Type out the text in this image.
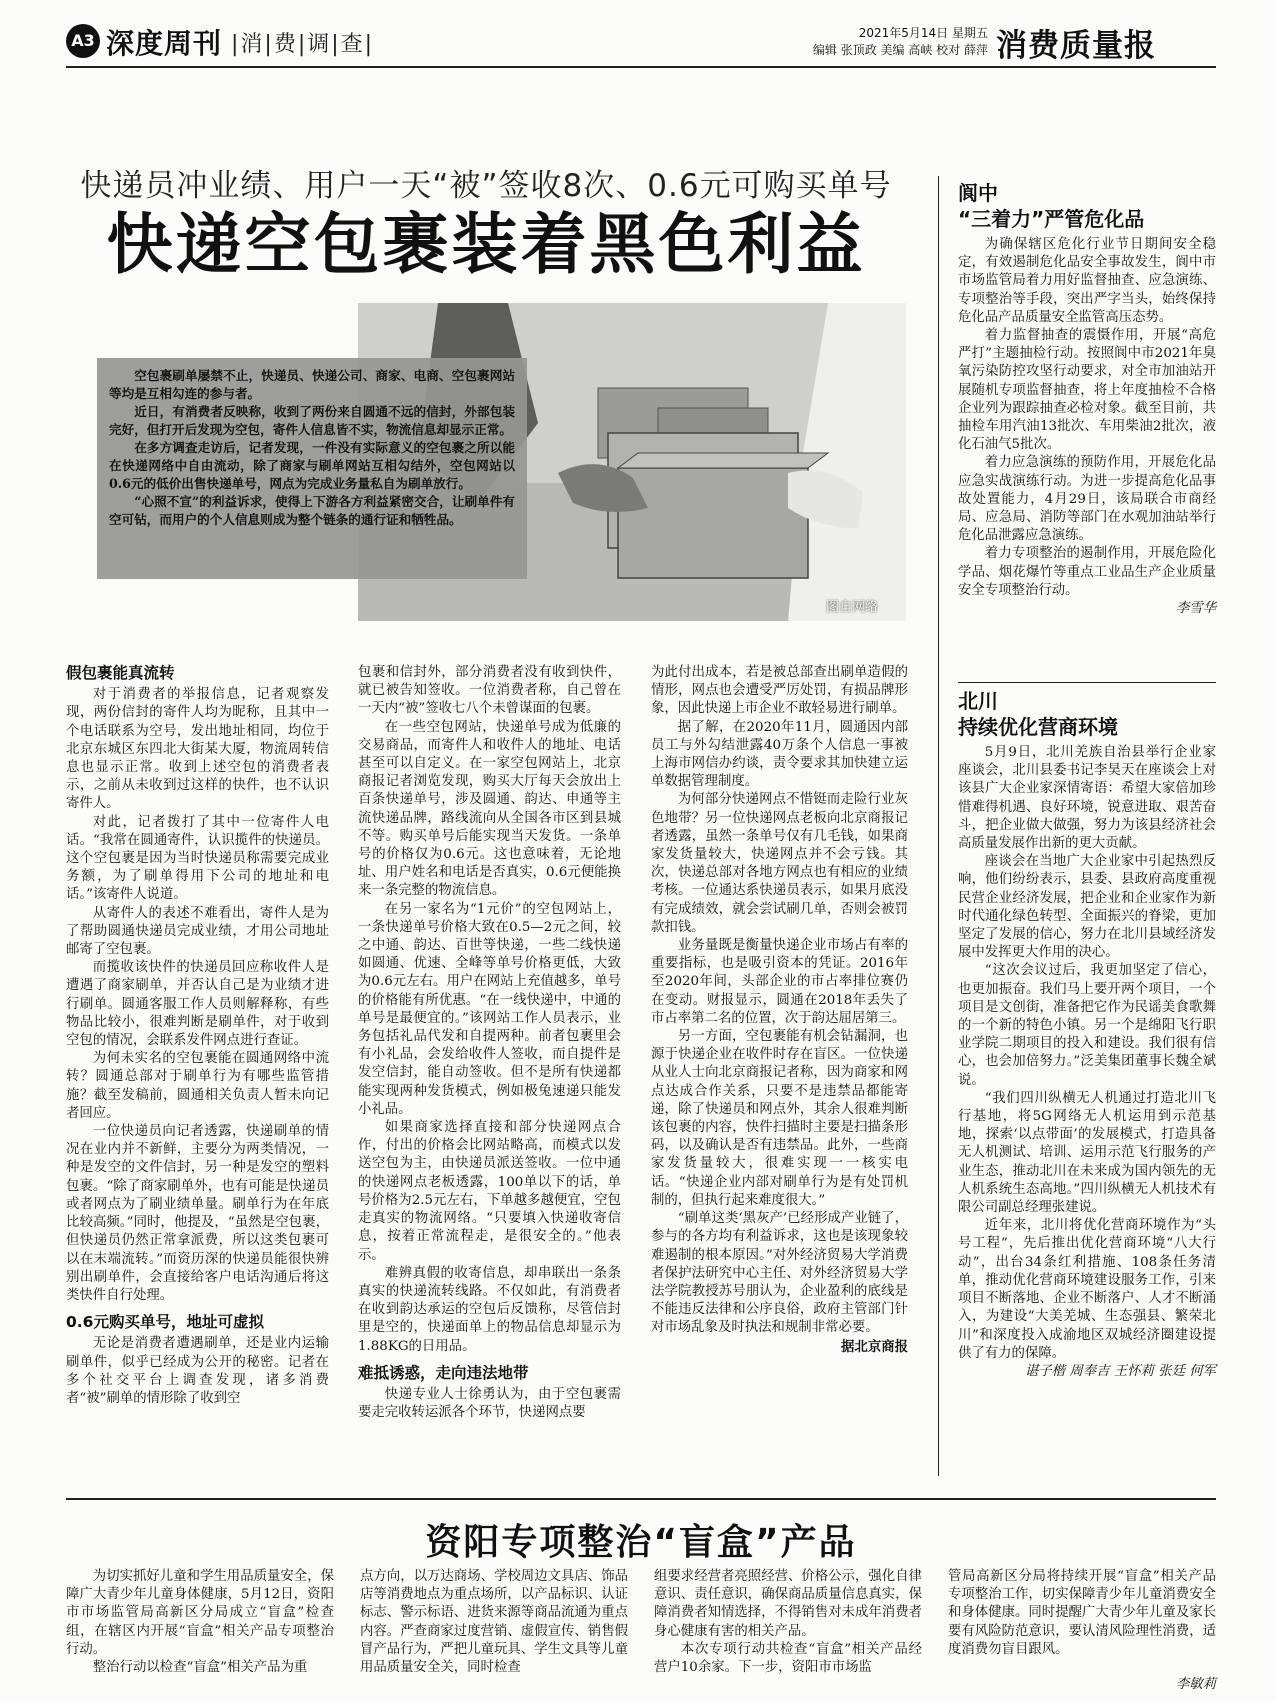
A3 深度周刊 |消|费|调|查|	2021年5月14日 星期五
编辑 张顶政 美编 高峡 校对 薛萍 消费质量报
快递员冲业绩、用户一天“被”签收8次、0.6元可购买单号
快递空包裹装着黑色利益
图自网络

空包裹刷单屡禁不止，快递员、快递公司、商家、电商、空包裹网站等均是互相勾连的参与者。

近日，有消费者反映称，收到了两份来自圆通不远的信封，外部包装完好，但打开后发现为空包，寄件人信息皆不实，物流信息却显示正常。

在多方调查走访后，记者发现，一件没有实际意义的空包裹之所以能在快递网络中自由流动，除了商家与刷单网站互相勾结外，空包网站以0.6元的低价出售快递单号，网点为完成业务量私自为刷单放行。

“心照不宣”的利益诉求，使得上下游各方利益紧密交合，让刷单件有空可钻，而用户的个人信息则成为整个链条的通行证和牺牲品。

假包裹能真流转

对于消费者的举报信息，记者观察发现，两份信封的寄件人均为昵称，且其中一个电话联系为空号，发出地址相同，均位于北京东城区东四北大街某大厦，物流周转信息也显示正常。收到上述空包的消费者表示，之前从未收到过这样的快件，也不认识寄件人。

对此，记者拨打了其中一位寄件人电话。“我常在圆通寄件，认识揽件的快递员。这个空包裹是因为当时快递员称需要完成业务额，为了刷单得用下公司的地址和电话。”该寄件人说道。

从寄件人的表述不难看出，寄件人是为了帮助圆通快递员完成业绩，才用公司地址邮寄了空包裹。

而揽收该快件的快递员回应称收件人是遭遇了商家刷单，并否认自己是为业绩才进行刷单。圆通客服工作人员则解释称，有些物品比较小，很难判断是刷单件，对于收到空包的情况，会联系发件网点进行查证。

为何未实名的空包裹能在圆通网络中流转？圆通总部对于刷单行为有哪些监管措施？截至发稿前，圆通相关负责人暂未向记者回应。

一位快递员向记者透露，快递刷单的情况在业内并不新鲜，主要分为两类情况，一种是发空的文件信封，另一种是发空的塑料包裹。“除了商家刷单外，也有可能是快递员或者网点为了刷业绩单量。刷单行为在年底比较高频。”同时，他提及，“虽然是空包裹，但快递员仍然正常拿派费，所以这类包裹可以在末端流转。”而资历深的快递员能很快辨别出刷单件，会直接给客户电话沟通后将这类快件自行处理。

0.6元购买单号，地址可虚拟

无论是消费者遭遇刷单，还是业内运输刷单件，似乎已经成为公开的秘密。记者在多个社交平台上调查发现，诸多消费者“被”刷单的情形除了收到空

包裹和信封外，部分消费者没有收到快件，就已被告知签收。一位消费者称，自己曾在一天内“被”签收七八个未曾谋面的包裹。

在一些空包网站，快递单号成为低廉的交易商品，而寄件人和收件人的地址、电话甚至可以自定义。在一家空包网站上，北京商报记者浏览发现，购买大厅每天会放出上百条快递单号，涉及圆通、韵达、申通等主流快递品牌，路线流向从全国各市区到县城不等。购买单号后能实现当天发货。一条单号的价格仅为0.6元。这也意味着，无论地址、用户姓名和电话是否真实，0.6元便能换来一条完整的物流信息。

在另一家名为“1元价”的空包网站上，一条快递单号价格大致在0.5—2元之间，较之中通、韵达、百世等快递，一些二线快递如圆通、优速、全峰等单号价格更低，大致为0.6元左右。用户在网站上充值越多，单号的价格能有所优惠。“在一线快递中，中通的单号是最便宜的。”该网站工作人员表示，业务包括礼品代发和自提两种。前者包裹里会有小礼品，会发给收件人签收，而自提件是发空信封，能自动签收。但不是所有快递都能实现两种发货模式，例如极兔速递只能发小礼品。

如果商家选择直接和部分快递网点合作，付出的价格会比网站略高，而模式以发送空包为主，由快递员派送签收。一位中通的快递网点老板透露，100单以下的话，单号价格为2.5元左右，下单越多越便宜，空包走真实的物流网络。“只要填入快递收寄信息，按着正常流程走，是很安全的。”他表示。

难辨真假的收寄信息，却串联出一条条真实的快递流转线路。不仅如此，有消费者在收到韵达承运的空包后反馈称，尽管信封里是空的，快递面单上的物品信息却显示为1.88KG的日用品。

难抵诱惑，走向违法地带

快递专业人士徐勇认为，由于空包裹需要走完收转运派各个环节，快递网点要

为此付出成本，若是被总部查出刷单造假的情形，网点也会遭受严厉处罚，有损品牌形象，因此快递上市企业不敢轻易进行刷单。

据了解，在2020年11月，圆通因内部员工与外勾结泄露40万条个人信息一事被上海市网信办约谈，责令要求其加快建立运单数据管理制度。

为何部分快递网点不惜铤而走险行业灰色地带？另一位快递网点老板向北京商报记者透露，虽然一条单号仅有几毛钱，如果商家发货量较大，快递网点并不会亏钱。其次，快递总部对各地方网点也有相应的业绩考核。一位通达系快递员表示，如果月底没有完成绩效，就会尝试刷几单，否则会被罚款扣钱。

业务量既是衡量快递企业市场占有率的重要指标，也是吸引资本的凭证。2016年至2020年间，头部企业的市占率排位赛仍在变动。财报显示，圆通在2018年丢失了市占率第二名的位置，次于韵达屈居第三。

另一方面，空包裹能有机会钻漏洞，也源于快递企业在收件时存在盲区。一位快递从业人士向北京商报记者称，因为商家和网点达成合作关系，只要不是违禁品都能寄递，除了快递员和网点外，其余人很难判断该包裹的内容，快件扫描时主要是扫描条形码，以及确认是否有违禁品。此外，一些商家发货量较大，很难实现一一核实电话。“快递企业内部对刷单行为是有处罚机制的，但执行起来难度很大。”

“刷单这类‘黑灰产’已经形成产业链了，参与的各方均有利益诉求，这也是该现象较难遏制的根本原因。”对外经济贸易大学消费者保护法研究中心主任、对外经济贸易大学法学院教授苏号朋认为，企业盈利的底线是不能违反法律和公序良俗，政府主管部门针对市场乱象及时执法和规制非常必要。

据北京商报

阆中
“三着力”严管危化品

为确保辖区危化行业节日期间安全稳定，有效遏制危化品安全事故发生，阆中市市场监管局着力用好监督抽查、应急演练、专项整治等手段，突出严字当头，始终保持危化品产品质量安全监管高压态势。

着力监督抽查的震慑作用，开展“高危严打”主题抽检行动。按照阆中市2021年臭氧污染防控攻坚行动要求，对全市加油站开展随机专项监督抽查，将上年度抽检不合格企业列为跟踪抽查必检对象。截至目前，共抽检车用汽油13批次、车用柴油2批次，液化石油气5批次。

着力应急演练的预防作用，开展危化品应急实战演练行动。为进一步提高危化品事故处置能力，4月29日，该局联合市商经局、应急局、消防等部门在水观加油站举行危化品泄露应急演练。

着力专项整治的遏制作用，开展危险化学品、烟花爆竹等重点工业品生产企业质量安全专项整治行动。

李雪华

北川
持续优化营商环境

5月9日，北川羌族自治县举行企业家座谈会，北川县委书记李昊天在座谈会上对该县广大企业家深情寄语：希望大家倍加珍惜难得机遇、良好环境，锐意进取、艰苦奋斗，把企业做大做强，努力为该县经济社会高质量发展作出新的更大贡献。

座谈会在当地广大企业家中引起热烈反响，他们纷纷表示，县委、县政府高度重视民营企业经济发展，把企业和企业家作为新时代通化绿色转型、全面振兴的脊梁，更加坚定了发展的信心，努力在北川县域经济发展中发挥更大作用的决心。

“这次会议过后，我更加坚定了信心，也更加振奋。我们马上要开两个项目，一个项目是文创街，准备把它作为民谣美食歌舞的一个新的特色小镇。另一个是绵阳飞行职业学院二期项目的投入和建设。我们很有信心，也会加倍努力。”泛美集团董事长魏全斌说。

“我们四川纵横无人机通过打造北川飞行基地，将5G网络无人机运用到示范基地，探索‘以点带面’的发展模式，打造具备无人机测试、培训、运用示范飞行服务的产业生态，推动北川在未来成为国内领先的无人机系统生态高地。”四川纵横无人机技术有限公司副总经理张建说。

近年来，北川将优化营商环境作为“头号工程”，先后推出优化营商环境“八大行动”，出台34条红利措施、108条任务清单，推动优化营商环境建设服务工作，引来项目不断落地、企业不断落户、人才不断涌入，为建设“大美羌城、生态强县、繁荣北川”和深度投入成渝地区双城经济圈建设提供了有力的保障。

谌子楷 周奉吉 王怀莉 张廷 何军

资阳专项整治“盲盒”产品

为切实抓好儿童和学生用品质量安全，保障广大青少年儿童身体健康，5月12日，资阳市市场监管局高新区分局成立“盲盒”检查组，在辖区内开展“盲盒”相关产品专项整治行动。

整治行动以检查“盲盒”相关产品为重

点方向，以万达商场、学校周边文具店、饰品店等消费地点为重点场所，以产品标识、认证标志、警示标语、进货来源等商品流通为重点内容。严查商家过度营销、虚假宣传、销售假冒产品行为，严把儿童玩具、学生文具等儿童用品质量安全关，同时检查

组要求经营者亮照经营、价格公示，强化自律意识、责任意识，确保商品质量信息真实，保障消费者知情选择，不得销售对未成年消费者身心健康有害的相关产品。

本次专项行动共检查“盲盒”相关产品经营户10余家。下一步，资阳市市场监

管局高新区分局将持续开展“盲盒”相关产品专项整治工作，切实保障青少年儿童消费安全和身体健康。同时提醒广大青少年儿童及家长要有风险防范意识，要认清风险理性消费，适度消费勿盲目跟风。

李敏莉
